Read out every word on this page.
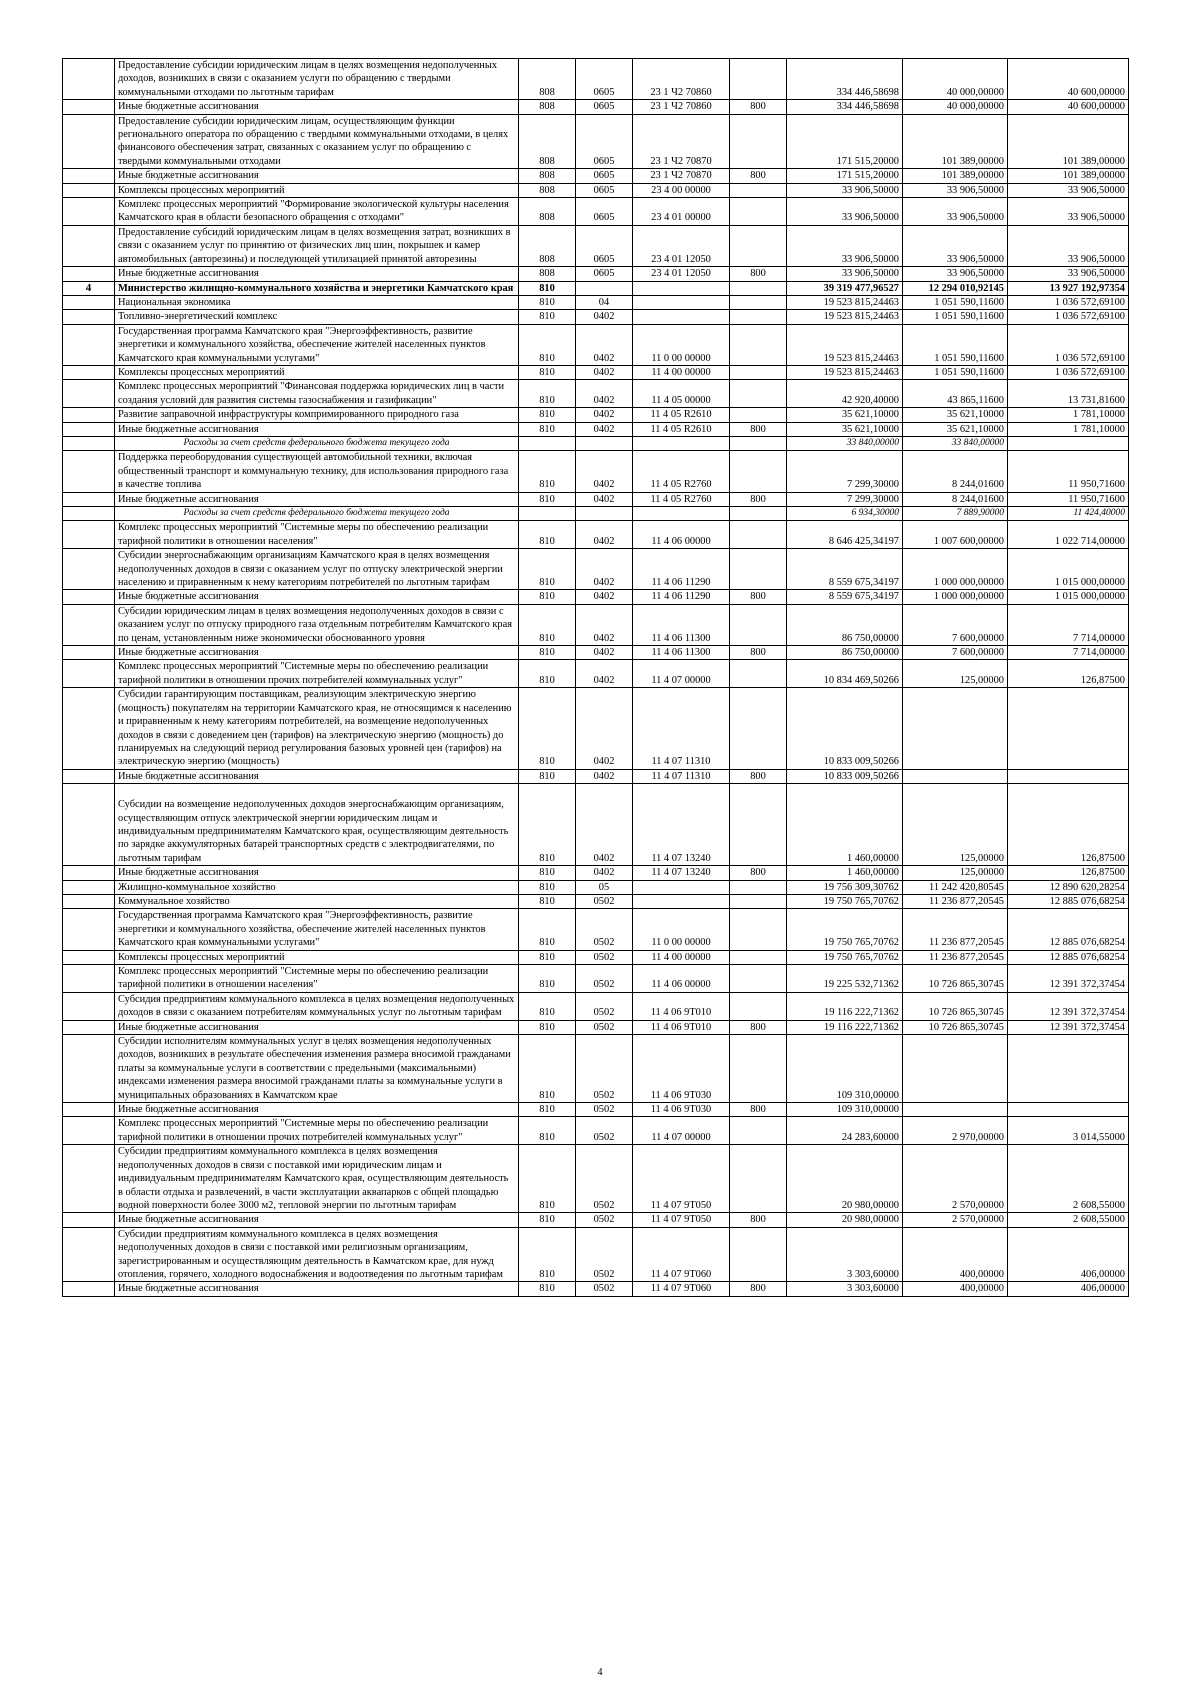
	Предоставление субсидии юридическим лицам в целях возмещения недополученных доходов, возникших в связи с оказанием услуги по обращению с твердыми коммунальными отходами по льготным тарифам	808	0605	23 1 Ч2 70860		334 446,58698	40 000,00000	40 600,00000
	Иные бюджетные ассигнования	808	0605	23 1 Ч2 70860	800	334 446,58698	40 000,00000	40 600,00000
	Предоставление субсидии юридическим лицам, осуществляющим функции регионального оператора по обращению с твердыми коммунальными отходами, в целях финансового обеспечения затрат, связанных с оказанием услуг по обращению с твердыми коммунальными отходами	808	0605	23 1 Ч2 70870		171 515,20000	101 389,00000	101 389,00000
	Иные бюджетные ассигнования	808	0605	23 1 Ч2 70870	800	171 515,20000	101 389,00000	101 389,00000
	Комплексы процессных мероприятий	808	0605	23 4 00 00000		33 906,50000	33 906,50000	33 906,50000
	Комплекс процессных мероприятий "Формирование экологической культуры населения Камчатского края в области безопасного обращения с отходами"	808	0605	23 4 01 00000		33 906,50000	33 906,50000	33 906,50000
	Предоставление субсидий юридическим лицам в целях возмещения затрат, возникших в связи с оказанием услуг по принятию от физических лиц шин, покрышек и камер автомобильных (авторезины) и последующей утилизацией принятой авторезины	808	0605	23 4 01 12050		33 906,50000	33 906,50000	33 906,50000
	Иные бюджетные ассигнования	808	0605	23 4 01 12050	800	33 906,50000	33 906,50000	33 906,50000
4	Министерство жилищно-коммунального хозяйства и энергетики Камчатского края	810				39 319 477,96527	12 294 010,92145	13 927 192,97354
	Национальная экономика	810	04			19 523 815,24463	1 051 590,11600	1 036 572,69100
	Топливно-энергетический комплекс	810	0402			19 523 815,24463	1 051 590,11600	1 036 572,69100
	Государственная программа Камчатского края "Энергоэффективность, развитие энергетики и коммунального хозяйства, обеспечение жителей населенных пунктов Камчатского края коммунальными услугами"	810	0402	11 0 00 00000		19 523 815,24463	1 051 590,11600	1 036 572,69100
	Комплексы процессных мероприятий	810	0402	11 4 00 00000		19 523 815,24463	1 051 590,11600	1 036 572,69100
	Комплекс процессных мероприятий "Финансовая поддержка юридических лиц в части создания условий для развития системы газоснабжения и газификации"	810	0402	11 4 05 00000		42 920,40000	43 865,11600	13 731,81600
	Развитие заправочной инфраструктуры компримированного природного газа	810	0402	11 4 05 R2610		35 621,10000	35 621,10000	1 781,10000
	Иные бюджетные ассигнования	810	0402	11 4 05 R2610	800	35 621,10000	35 621,10000	1 781,10000
	Расходы за счет средств федерального бюджета текущего года					33 840,00000	33 840,00000	
	Поддержка переоборудования существующей автомобильной техники, включая общественный транспорт и коммунальную технику, для использования природного газа в качестве топлива	810	0402	11 4 05 R2760		7 299,30000	8 244,01600	11 950,71600
	Иные бюджетные ассигнования	810	0402	11 4 05 R2760	800	7 299,30000	8 244,01600	11 950,71600
	Расходы за счет средств федерального бюджета текущего года					6 934,30000	7 889,90000	11 424,40000
	Комплекс процессных мероприятий "Системные меры по обеспечению реализации тарифной политики в отношении населения"	810	0402	11 4 06 00000		8 646 425,34197	1 007 600,00000	1 022 714,00000
	Субсидии энергоснабжающим организациям Камчатского края в целях возмещения недополученных доходов в связи с оказанием услуг по отпуску электрической энергии населению и приравненным к нему категориям потребителей по льготным тарифам	810	0402	11 4 06 11290		8 559 675,34197	1 000 000,00000	1 015 000,00000
	Иные бюджетные ассигнования	810	0402	11 4 06 11290	800	8 559 675,34197	1 000 000,00000	1 015 000,00000
	Субсидии юридическим лицам в целях возмещения недополученных доходов в связи с оказанием услуг по отпуску природного газа отдельным потребителям Камчатского края по ценам, установленным ниже экономически обоснованного уровня	810	0402	11 4 06 11300		86 750,00000	7 600,00000	7 714,00000
	Иные бюджетные ассигнования	810	0402	11 4 06 11300	800	86 750,00000	7 600,00000	7 714,00000
	Комплекс процессных мероприятий "Системные меры по обеспечению реализации тарифной политики в отношении прочих потребителей коммунальных услуг"	810	0402	11 4 07 00000		10 834 469,50266	125,00000	126,87500
	Субсидии гарантирующим поставщикам, реализующим электрическую энергию (мощность) покупателям на территории Камчатского края, не относящимся к населению и приравненным к нему категориям потребителей, на возмещение недополученных доходов в связи с доведением цен (тарифов) на электрическую энергию (мощность) до планируемых на следующий период регулирования базовых уровней цен (тарифов) на электрическую энергию (мощность)	810	0402	11 4 07 11310		10 833 009,50266		
	Иные бюджетные ассигнования	810	0402	11 4 07 11310	800	10 833 009,50266		
	Субсидии на возмещение недополученных доходов энергоснабжающим организациям, осуществляющим отпуск электрической энергии юридическим лицам и индивидуальным предпринимателям Камчатского края, осуществляющим деятельность по зарядке аккумуляторных батарей транспортных средств с электродвигателями, по льготным тарифам	810	0402	11 4 07 13240		1 460,00000	125,00000	126,87500
	Иные бюджетные ассигнования	810	0402	11 4 07 13240	800	1 460,00000	125,00000	126,87500
	Жилищно-коммунальное хозяйство	810	05			19 756 309,30762	11 242 420,80545	12 890 620,28254
	Коммунальное хозяйство	810	0502			19 750 765,70762	11 236 877,20545	12 885 076,68254
	Государственная программа Камчатского края "Энергоэффективность, развитие энергетики и коммунального хозяйства, обеспечение жителей населенных пунктов Камчатского края коммунальными услугами"	810	0502	11 0 00 00000		19 750 765,70762	11 236 877,20545	12 885 076,68254
	Комплексы процессных мероприятий	810	0502	11 4 00 00000		19 750 765,70762	11 236 877,20545	12 885 076,68254
	Комплекс процессных мероприятий "Системные меры по обеспечению реализации тарифной политики в отношении населения"	810	0502	11 4 06 00000		19 225 532,71362	10 726 865,30745	12 391 372,37454
	Субсидия предприятиям коммунального комплекса в целях возмещения недополученных доходов в связи с оказанием потребителям коммунальных услуг по льготным тарифам	810	0502	11 4 06 9Т010		19 116 222,71362	10 726 865,30745	12 391 372,37454
	Иные бюджетные ассигнования	810	0502	11 4 06 9Т010	800	19 116 222,71362	10 726 865,30745	12 391 372,37454
	Субсидии исполнителям коммунальных услуг в целях возмещения недополученных доходов, возникших в результате обеспечения изменения размера вносимой гражданами платы за коммунальные услуги в соответствии с предельными (максимальными) индексами изменения размера вносимой гражданами платы за коммунальные услуги в муниципальных образованиях в Камчатском крае	810	0502	11 4 06 9Т030		109 310,00000		
	Иные бюджетные ассигнования	810	0502	11 4 06 9Т030	800	109 310,00000		
	Комплекс процессных мероприятий "Системные меры по обеспечению реализации тарифной политики в отношении прочих потребителей коммунальных услуг"	810	0502	11 4 07 00000		24 283,60000	2 970,00000	3 014,55000
	Субсидии предприятиям коммунального комплекса в целях возмещения недополученных доходов в связи с поставкой ими юридическим лицам и индивидуальным предпринимателям Камчатского края, осуществляющим деятельность в области отдыха и развлечений, в части эксплуатации аквапарков с общей площадью водной поверхности более 3000 м2, тепловой энергии по льготным тарифам	810	0502	11 4 07 9Т050		20 980,00000	2 570,00000	2 608,55000
	Иные бюджетные ассигнования	810	0502	11 4 07 9Т050	800	20 980,00000	2 570,00000	2 608,55000
	Субсидии предприятиям коммунального комплекса в целях возмещения недополученных доходов в связи с поставкой ими религиозным организациям, зарегистрированным и осуществляющим деятельность в Камчатском крае, для нужд отопления, горячего, холодного водоснабжения и водоотведения по льготным тарифам	810	0502	11 4 07 9Т060		3 303,60000	400,00000	406,00000
	Иные бюджетные ассигнования	810	0502	11 4 07 9Т060	800	3 303,60000	400,00000	406,00000
4
